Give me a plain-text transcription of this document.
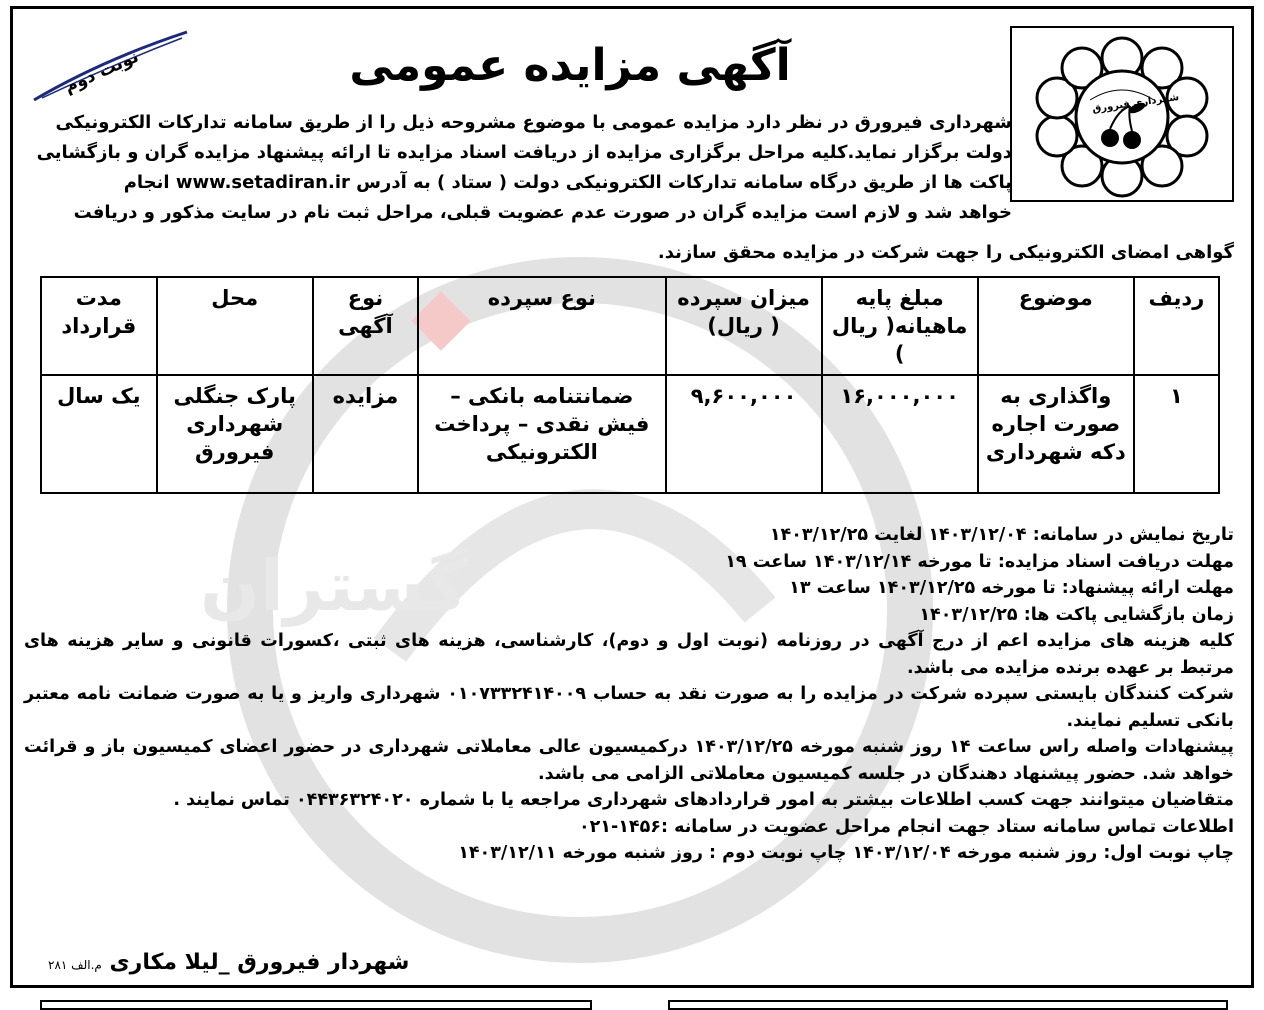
گستران
شهرداری فیرورق
نوبت دوم	آگهی مزایده عمومی
شهرداری فیرورق در نظر دارد مزایده عمومی با موضوع مشروحه ذیل را از طریق سامانه تدارکات الکترونیکی
دولت برگزار نماید.کلیه مراحل برگزاری مزایده از دریافت اسناد مزایده تا ارائه پیشنهاد مزایده گران و بازگشایی
پاکت ها از طریق درگاه سامانه تدارکات الکترونیکی دولت ( ستاد ) به آدرس www.setadiran.ir انجام
خواهد شد و لازم است مزایده گران در صورت عدم عضویت قبلی، مراحل ثبت نام در سایت مذکور و دریافت
گواهی امضای الکترونیکی را جهت شرکت در مزایده محقق سازند.
ردیف	موضوع	مبلغ پایه ماهیانه( ریال )	میزان سپرده ( ریال)	نوع سپرده	نوع آگهی	محل	مدت قرارداد
۱	واگذاری به صورت اجاره دکه شهرداری	۱۶,۰۰۰,۰۰۰	۹,۶۰۰,۰۰۰	ضمانتنامه بانکی – فیش نقدی – پرداخت الکترونیکی	مزایده	پارک جنگلی شهرداری فیرورق	یک سال

تاریخ نمایش در سامانه: ۱۴۰۳/۱۲/۰۴ لغایت ۱۴۰۳/۱۲/۲۵

مهلت دریافت اسناد مزایده: تا مورخه ۱۴۰۳/۱۲/۱۴ ساعت ۱۹

مهلت ارائه پیشنهاد: تا مورخه ۱۴۰۳/۱۲/۲۵ ساعت ۱۳

زمان بازگشایی پاکت ها: ۱۴۰۳/۱۲/۲۵

کلیه هزینه های مزایده اعم از درج آگهی در روزنامه (نوبت اول و دوم)، کارشناسی، هزینه های ثبتی ،کسورات قانونی و سایر هزینه های مرتبط بر عهده برنده مزایده می باشد.

شرکت کنندگان بایستی سپرده شرکت در مزایده را به صورت نقد به حساب ۰۱۰۷۳۳۲۴۱۴۰۰۹ شهرداری واریز و یا به صورت ضمانت نامه معتبر بانکی تسلیم نمایند.

پیشنهادات واصله راس ساعت ۱۴ روز شنبه مورخه ۱۴۰۳/۱۲/۲۵ درکمیسیون عالی معاملاتی شهرداری در حضور اعضای کمیسیون باز و قرائت خواهد شد. حضور پیشنهاد دهندگان در جلسه کمیسیون معاملاتی الزامی می باشد.

متقاضیان میتوانند جهت کسب اطلاعات بیشتر به امور قراردادهای شهرداری مراجعه یا با شماره ۰۴۴۳۶۳۲۴۰۲۰ تماس نمایند .

اطلاعات تماس سامانه ستاد جهت انجام مراحل عضویت در سامانه :۱۴۵۶-۰۲۱

چاپ نوبت اول: روز شنبه مورخه ۱۴۰۳/۱۲/۰۴ چاپ نوبت دوم : روز شنبه مورخه ۱۴۰۳/۱۲/۱۱

شهردار فیرورق _لیلا مکاری م.الف ۲۸۱
